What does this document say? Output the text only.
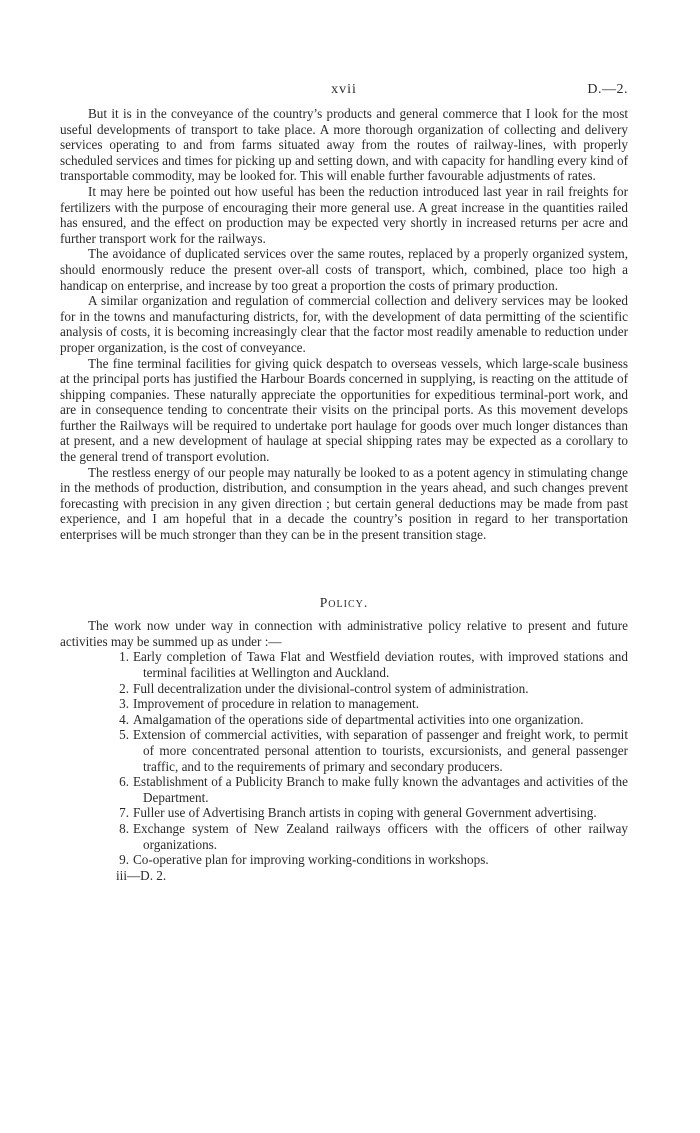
xvii	D.—2.

But it is in the conveyance of the country’s products and general commerce that I look for the most useful developments of transport to take place. A more thorough organization of collecting and delivery services operating to and from farms situated away from the routes of railway-lines, with properly scheduled services and times for picking up and setting down, and with capacity for handling every kind of transportable commodity, may be looked for. This will enable further favourable adjustments of rates.

It may here be pointed out how useful has been the reduction introduced last year in rail freights for fertilizers with the purpose of encouraging their more general use. A great increase in the quantities railed has ensured, and the effect on production may be expected very shortly in increased returns per acre and further transport work for the railways.

The avoidance of duplicated services over the same routes, replaced by a properly organized system, should enormously reduce the present over-all costs of transport, which, combined, place too high a handicap on enterprise, and increase by too great a proportion the costs of primary production.

A similar organization and regulation of commercial collection and delivery services may be looked for in the towns and manufacturing districts, for, with the development of data permitting of the scientific analysis of costs, it is becoming increasingly clear that the factor most readily amenable to reduction under proper organization, is the cost of conveyance.

The fine terminal facilities for giving quick despatch to overseas vessels, which large-scale business at the principal ports has justified the Harbour Boards concerned in supplying, is reacting on the attitude of shipping companies. These naturally appreciate the opportunities for expeditious terminal-port work, and are in consequence tending to concentrate their visits on the principal ports. As this movement develops further the Railways will be required to undertake port haulage for goods over much longer distances than at present, and a new development of haulage at special shipping rates may be expected as a corollary to the general trend of transport evolution.

The restless energy of our people may naturally be looked to as a potent agency in stimulating change in the methods of production, distribution, and consumption in the years ahead, and such changes prevent forecasting with precision in any given direction ; but certain general deductions may be made from past experience, and I am hopeful that in a decade the country’s position in regard to her transportation enterprises will be much stronger than they can be in the present transition stage.

Policy.

The work now under way in connection with administrative policy relative to present and future activities may be summed up as under :—

1. Early completion of Tawa Flat and Westfield deviation routes, with improved stations and terminal facilities at Wellington and Auckland.
2. Full decentralization under the divisional-control system of administration.
3. Improvement of procedure in relation to management.
4. Amalgamation of the operations side of departmental activities into one organization.
5. Extension of commercial activities, with separation of passenger and freight work, to permit of more concentrated personal attention to tourists, excursionists, and general passenger traffic, and to the requirements of primary and secondary producers.
6. Establishment of a Publicity Branch to make fully known the advantages and activities of the Department.
7. Fuller use of Advertising Branch artists in coping with general Government advertising.
8. Exchange system of New Zealand railways officers with the officers of other railway organizations.
9. Co-operative plan for improving working-conditions in workshops.
iii—D. 2.
